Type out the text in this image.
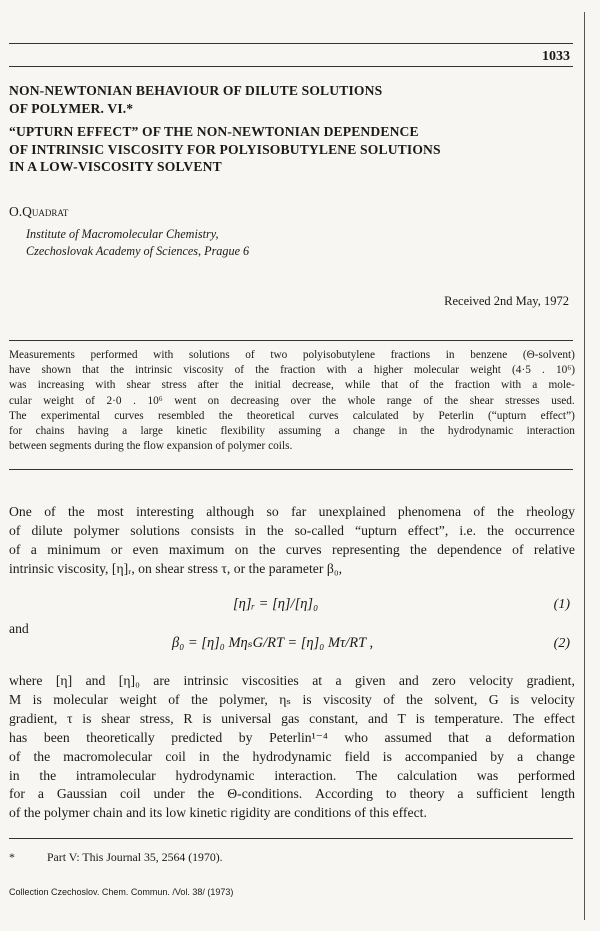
1033
NON-NEWTONIAN BEHAVIOUR OF DILUTE SOLUTIONS
OF POLYMER. VI.*
“UPTURN EFFECT” OF THE NON-NEWTONIAN DEPENDENCE
OF INTRINSIC VISCOSITY FOR POLYISOBUTYLENE SOLUTIONS
IN A LOW-VISCOSITY SOLVENT
O.Quadrat
Institute of Macromolecular Chemistry,
Czechoslovak Academy of Sciences, Prague 6
Received 2nd May, 1972
Measurements performed with solutions of two polyisobutylene fractions in benzene (Θ-solvent)
have shown that the intrinsic viscosity of the fraction with a higher molecular weight (4·5 . 10⁶)
was increasing with shear stress after the initial decrease, while that of the fraction with a mole-
cular weight of 2·0 . 10⁶ went on decreasing over the whole range of the shear stresses used.
The experimental curves resembled the theoretical curves calculated by Peterlin (“upturn effect”)
for chains having a large kinetic flexibility assuming a change in the hydrodynamic interaction
between segments during the flow expansion of polymer coils.
One of the most interesting although so far unexplained phenomena of the rheology
of dilute polymer solutions consists in the so-called “upturn effect”, i.e. the occurrence
of a minimum or even maximum on the curves representing the dependence of relative
intrinsic viscosity, [η]ᵣ, on shear stress τ, or the parameter β₀,
[η]ᵣ = [η]/[η]₀	(1)
and
β₀ = [η]₀ MηₛG/RT = [η]₀ Mτ/RT ,	(2)
where [η] and [η]₀ are intrinsic viscosities at a given and zero velocity gradient,
M is molecular weight of the polymer, ηₛ is viscosity of the solvent, G is velocity
gradient, τ is shear stress, R is universal gas constant, and T is temperature. The effect
has been theoretically predicted by Peterlin¹⁻⁴ who assumed that a deformation
of the macromolecular coil in the hydrodynamic field is accompanied by a change
in the intramolecular hydrodynamic interaction. The calculation was performed
for a Gaussian coil under the Θ-conditions. According to theory a sufficient length
of the polymer chain and its low kinetic rigidity are conditions of this effect.
*	Part V: This Journal 35, 2564 (1970).
Collection Czechoslov. Chem. Commun. /Vol. 38/ (1973)
